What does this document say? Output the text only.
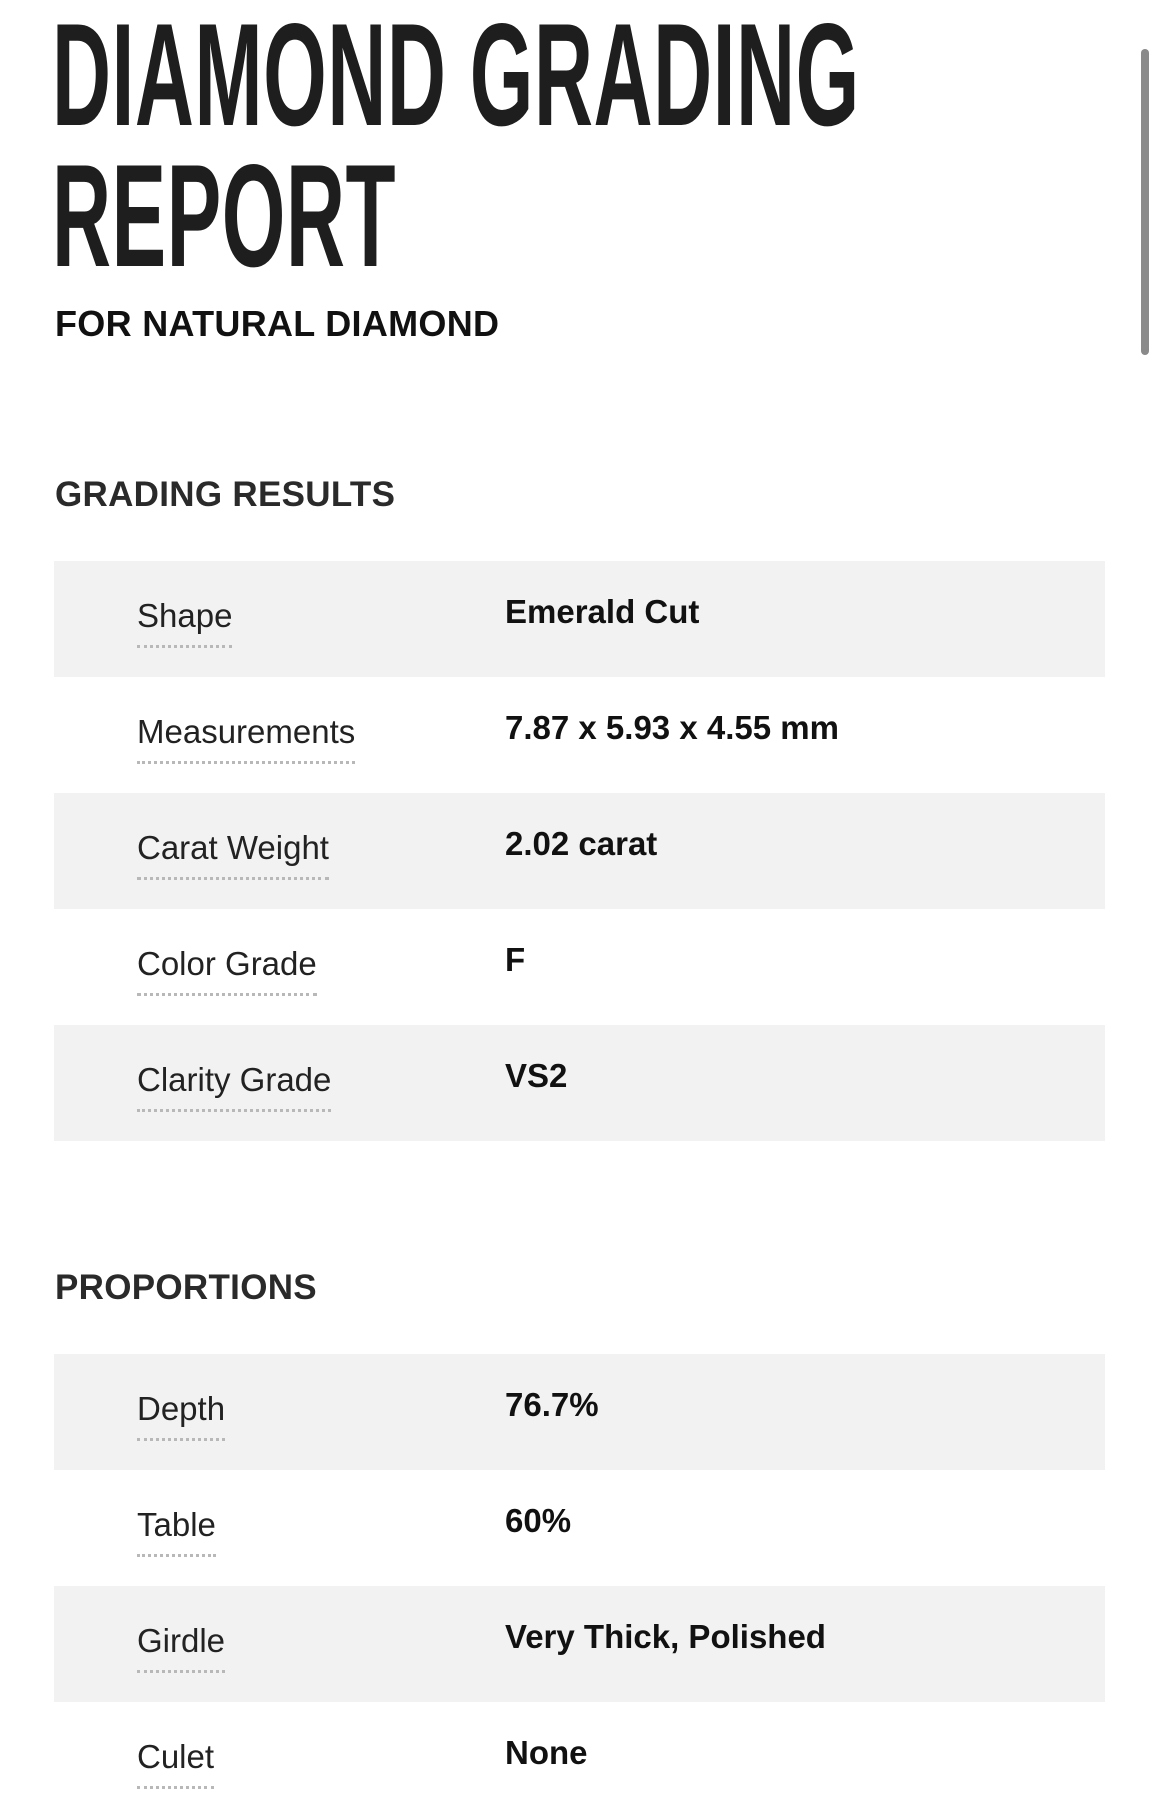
DIAMOND GRADING
REPORT
FOR NATURAL DIAMOND
GRADING RESULTS
Shape	Emerald Cut
Measurements	7.87 x 5.93 x 4.55 mm
Carat Weight	2.02 carat
Color Grade	F
Clarity Grade	VS2
PROPORTIONS
Depth	76.7%
Table	60%
Girdle	Very Thick, Polished
Culet	None
